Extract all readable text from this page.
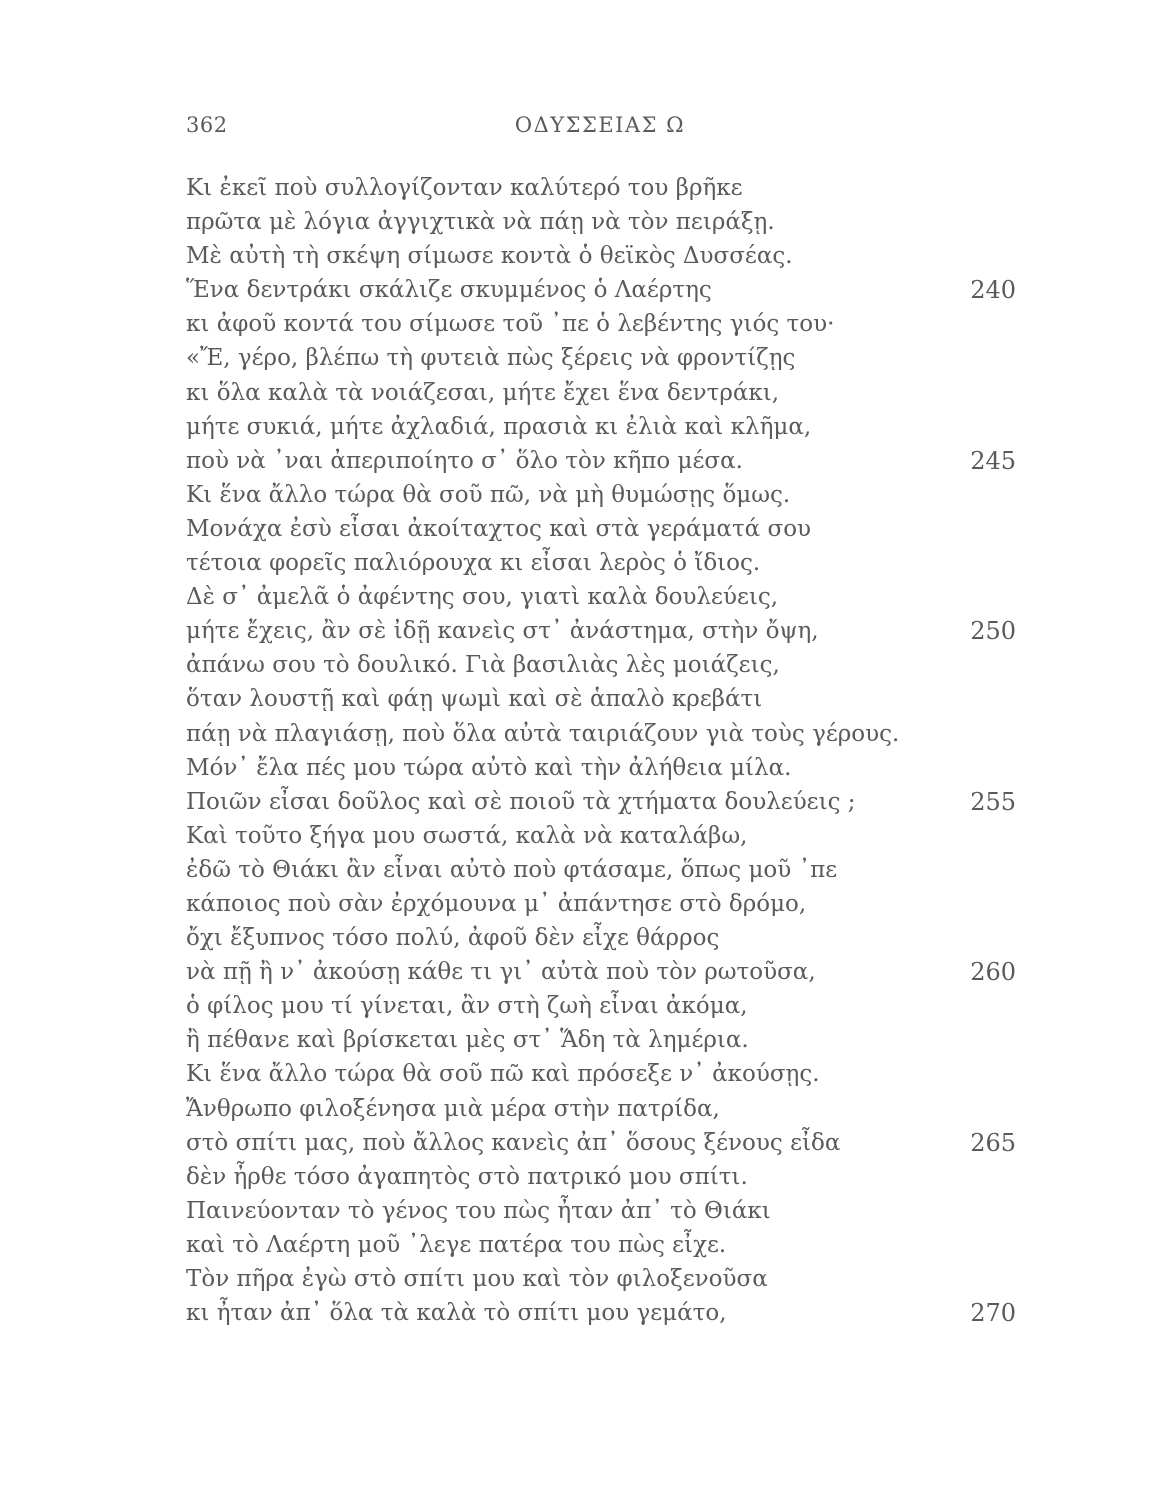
362	ΟΔΥΣΣΕΙΑΣ Ω
Κι ἐκεῖ ποὺ συλλογίζονταν καλύτερό του βρῆκε
πρῶτα μὲ λόγια ἀγγιχτικὰ νὰ πάῃ νὰ τὸν πειράξῃ.
Μὲ αὐτὴ τὴ σκέψη σίμωσε κοντὰ ὁ θεϊκὸς Δυσσέας.
Ἕνα δεντράκι σκάλιζε σκυμμένος ὁ Λαέρτης	240
κι ἀφοῦ κοντά του σίμωσε τοῦ ᾽πε ὁ λεβέντης γιός του·
«Ἔ, γέρο, βλέπω τὴ φυτειὰ πὼς ξέρεις νὰ φροντίζῃς
κι ὅλα καλὰ τὰ νοιάζεσαι, μήτε ἔχει ἕνα δεντράκι,
μήτε συκιά, μήτε ἀχλαδιά, πρασιὰ κι ἐλιὰ καὶ κλῆμα,
ποὺ νὰ ᾽ναι ἀπεριποίητο σ᾽ ὅλο τὸν κῆπο μέσα.	245
Κι ἕνα ἄλλο τώρα θὰ σοῦ πῶ, νὰ μὴ θυμώσῃς ὅμως.
Μονάχα ἐσὺ εἶσαι ἀκοίταχτος καὶ στὰ γεράματά σου
τέτοια φορεῖς παλιόρουχα κι εἶσαι λερὸς ὁ ἴδιος.
Δὲ σ᾽ ἀμελᾶ ὁ ἀφέντης σου, γιατὶ καλὰ δουλεύεις,
μήτε ἔχεις, ἂν σὲ ἰδῇ κανεὶς στ᾽ ἀνάστημα, στὴν ὄψη,	250
ἀπάνω σου τὸ δουλικό. Γιὰ βασιλιὰς λὲς μοιάζεις,
ὅταν λουστῇ καὶ φάῃ ψωμὶ καὶ σὲ ἁπαλὸ κρεβάτι
πάῃ νὰ πλαγιάσῃ, ποὺ ὅλα αὐτὰ ταιριάζουν γιὰ τοὺς γέρους.
Μόν᾽ ἔλα πές μου τώρα αὐτὸ καὶ τὴν ἀλήθεια μίλα.
Ποιῶν εἶσαι δοῦλος καὶ σὲ ποιοῦ τὰ χτήματα δουλεύεις ;	255
Καὶ τοῦτο ξήγα μου σωστά, καλὰ νὰ καταλάβω,
ἐδῶ τὸ Θιάκι ἂν εἶναι αὐτὸ ποὺ φτάσαμε, ὅπως μοῦ ᾽πε
κάποιος ποὺ σὰν ἐρχόμουνα μ᾽ ἀπάντησε στὸ δρόμο,
ὄχι ἔξυπνος τόσο πολύ, ἀφοῦ δὲν εἶχε θάρρος
νὰ πῇ ἢ ν᾽ ἀκούσῃ κάθε τι γι᾽ αὐτὰ ποὺ τὸν ρωτοῦσα,	260
ὁ φίλος μου τί γίνεται, ἂν στὴ ζωὴ εἶναι ἀκόμα,
ἢ πέθανε καὶ βρίσκεται μὲς στ᾽ Ἅδη τὰ λημέρια.
Κι ἕνα ἄλλο τώρα θὰ σοῦ πῶ καὶ πρόσεξε ν᾽ ἀκούσῃς.
Ἄνθρωπο φιλοξένησα μιὰ μέρα στὴν πατρίδα,
στὸ σπίτι μας, ποὺ ἄλλος κανεὶς ἀπ᾽ ὅσους ξένους εἶδα	265
δὲν ἦρθε τόσο ἀγαπητὸς στὸ πατρικό μου σπίτι.
Παινεύονταν τὸ γένος του πὼς ἦταν ἀπ᾽ τὸ Θιάκι
καὶ τὸ Λαέρτη μοῦ ᾽λεγε πατέρα του πὼς εἶχε.
Τὸν πῆρα ἐγὼ στὸ σπίτι μου καὶ τὸν φιλοξενοῦσα
κι ἦταν ἀπ᾽ ὅλα τὰ καλὰ τὸ σπίτι μου γεμάτο,	270
